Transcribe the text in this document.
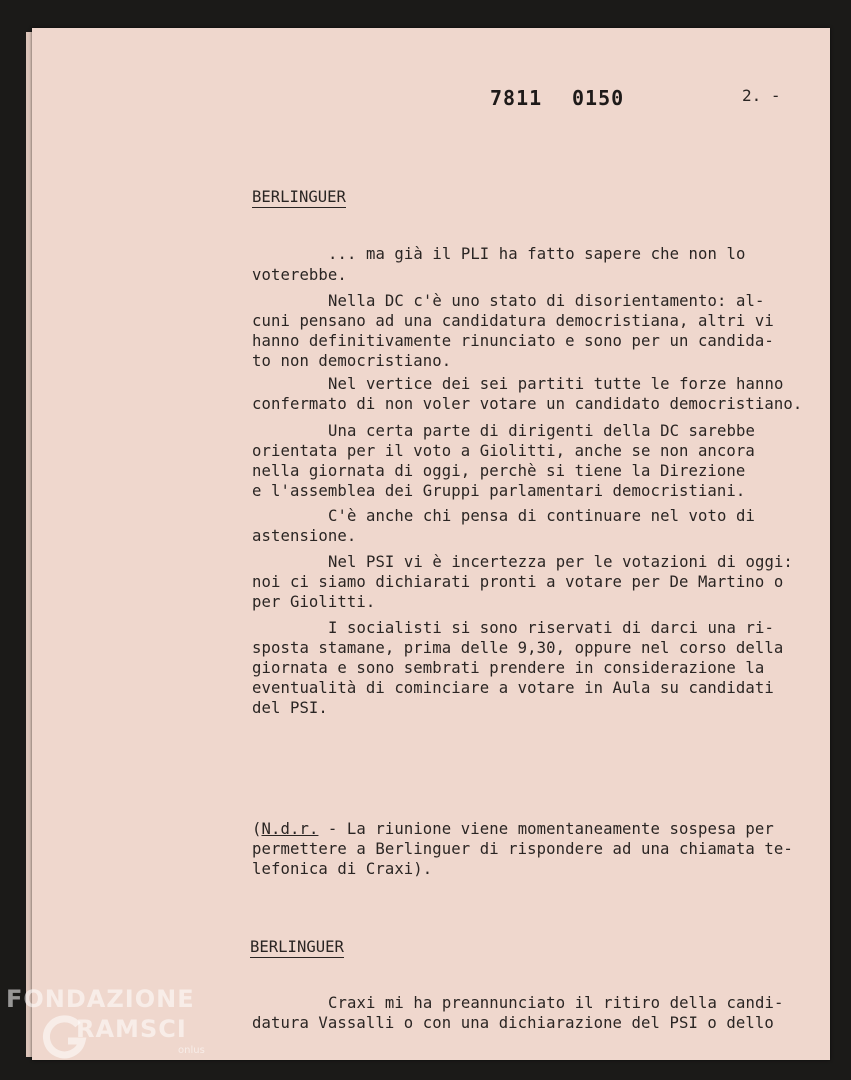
7811 0150	2. -
BERLINGUER
... ma già il PLI ha fatto sapere che non lo
voterebbe.
Nella DC c'è uno stato di disorientamento: al-
cuni pensano ad una candidatura democristiana, altri vi
hanno definitivamente rinunciato e sono per un candida-
to non democristiano.
Nel vertice dei sei partiti tutte le forze hanno
confermato di non voler votare un candidato democristiano.
Una certa parte di dirigenti della DC sarebbe
orientata per il voto a Giolitti, anche se non ancora
nella giornata di oggi, perchè si tiene la Direzione
e l'assemblea dei Gruppi parlamentari democristiani.
C'è anche chi pensa di continuare nel voto di
astensione.
Nel PSI vi è incertezza per le votazioni di oggi:
noi ci siamo dichiarati pronti a votare per De Martino o
per Giolitti.
I socialisti si sono riservati di darci una ri-
sposta stamane, prima delle 9,30, oppure nel corso della
giornata e sono sembrati prendere in considerazione la
eventualità di cominciare a votare in Aula su candidati
del PSI.
(N.d.r. - La riunione viene momentaneamente sospesa per
permettere a Berlinguer di rispondere ad una chiamata te-
lefonica di Craxi).
BERLINGUER
Craxi mi ha preannunciato il ritiro della candi-
datura Vassalli o con una dichiarazione del PSI o dello
FONDAZIONE
RAMSCI
onlus
